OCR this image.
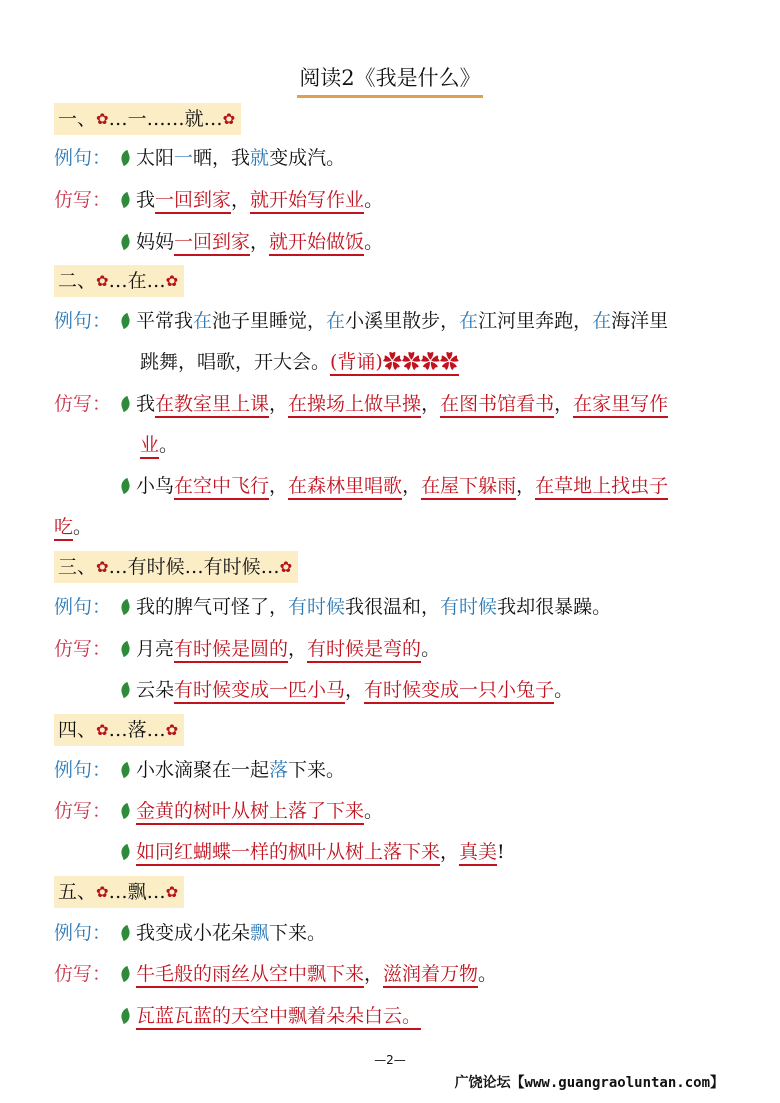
阅读2《我是什么》
一、✿…一……就…✿
例句：	太阳一晒，我就变成汽。
仿写：	我一回到家，就开始写作业。
妈妈一回到家，就开始做饭。
二、✿…在…✿
例句：	平常我在池子里睡觉，在小溪里散步，在江河里奔跑，在海洋里
跳舞，唱歌，开大会。(背诵)✿✿✿✿
仿写：	我在教室里上课，在操场上做早操，在图书馆看书，在家里写作
业。
小鸟在空中飞行，在森林里唱歌，在屋下躲雨，在草地上找虫子
吃。
三、✿…有时候…有时候…✿
例句：	我的脾气可怪了，有时候我很温和，有时候我却很暴躁。
仿写：	月亮有时候是圆的，有时候是弯的。
云朵有时候变成一匹小马，有时候变成一只小兔子。
四、✿…落…✿
例句：	小水滴聚在一起落下来。
仿写：	金黄的树叶从树上落了下来。
如同红蝴蝶一样的枫叶从树上落下来，真美!
五、✿…飘…✿
例句：	我变成小花朵飘下来。
仿写：	牛毛般的雨丝从空中飘下来，滋润着万物。
瓦蓝瓦蓝的天空中飘着朵朵白云。
—2—
广饶论坛【www.guangraoluntan.com】
